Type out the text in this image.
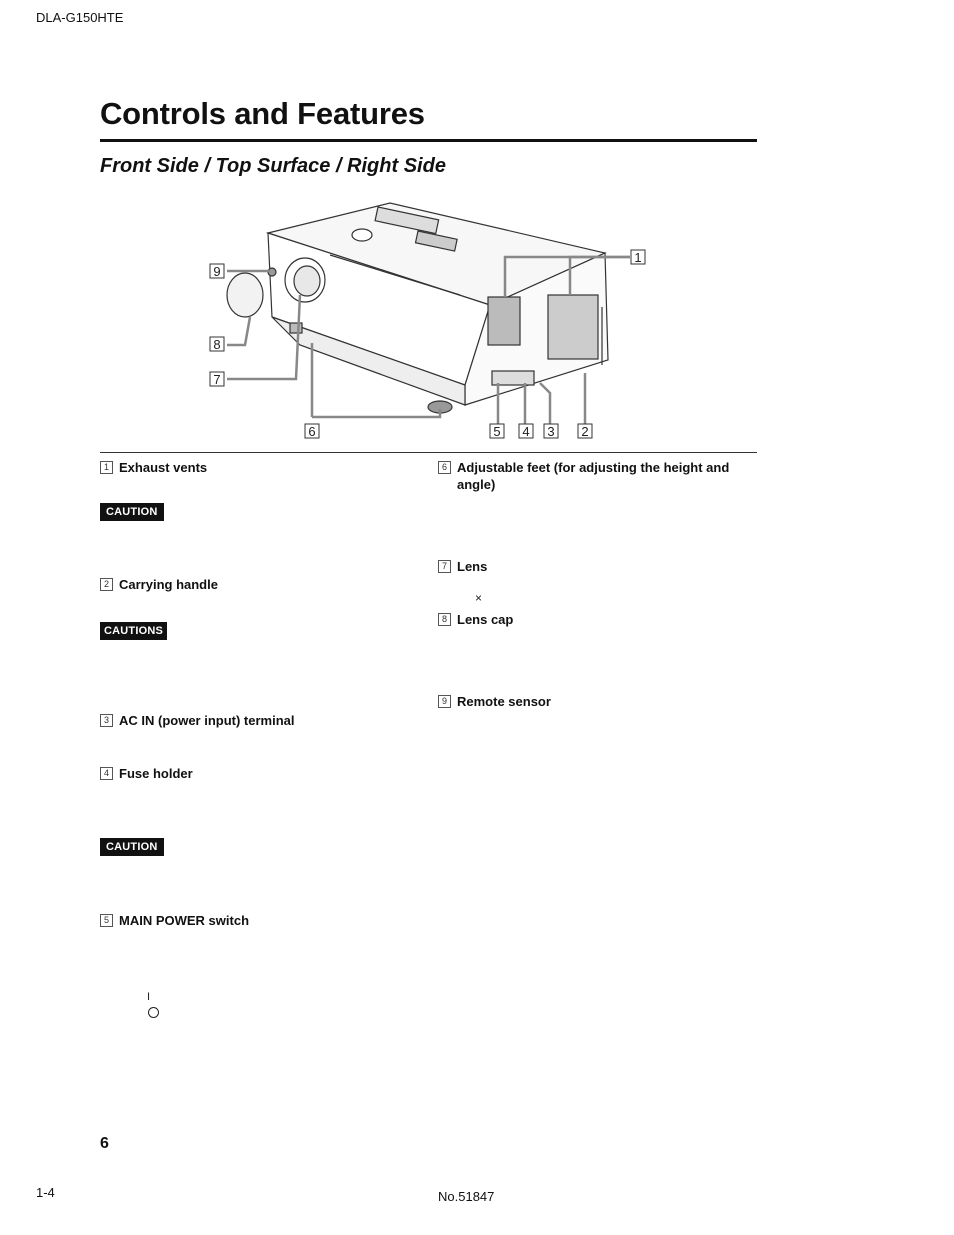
DLA-G150HTE
Controls and Features
Front Side / Top Surface / Right Side
9
8
7
6
1
2
3
4
5
1 Exhaust vents
CAUTION
2 Carrying handle
CAUTIONS
3 AC IN (power input) terminal
4 Fuse holder
CAUTION
5 MAIN POWER switch
I
6 Adjustable feet (for adjusting the height and angle)
7 Lens
×
8 Lens cap
9 Remote sensor
6
1-4	No.51847
